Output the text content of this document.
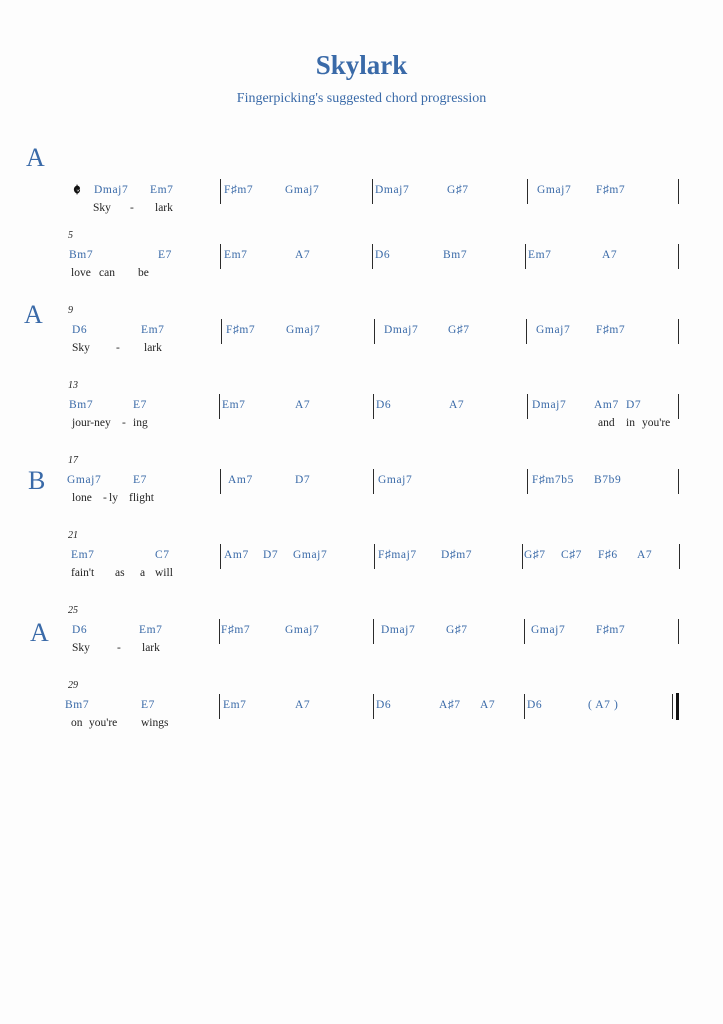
Skylark
Fingerpicking's suggested chord progression
A
𝄵 Dmaj7 Em7	F♯m7	Gmaj7	Dmaj7	G♯7	Gmaj7 F♯m7
Sky - lark
5
Bm7	E7	Em7	A7	D6	Bm7	Em7	A7
love can be
A	9
D6	Em7	F♯m7	Gmaj7	Dmaj7	G♯7	Gmaj7 F♯m7
Sky - lark
13
Bm7	E7	Em7	A7	D6	A7	Dmaj7 Am7 D7
jour-ney - ing	and in you're
B
17
Gmaj7	E7	Am7	D7	Gmaj7	F♯m7b5 B7b9
lone - ly flight
21
Em7	C7	Am7 D7 Gmaj7	F♯maj7 D♯m7	G♯7 C♯7 F♯6 A7
fain't as a will
A
25
D6	Em7	F♯m7	Gmaj7	Dmaj7	G♯7	Gmaj7	F♯m7
Sky - lark
29
Bm7	E7	Em7	A7	D6	A♯7 A7	D6	( A7 )
on you're wings
